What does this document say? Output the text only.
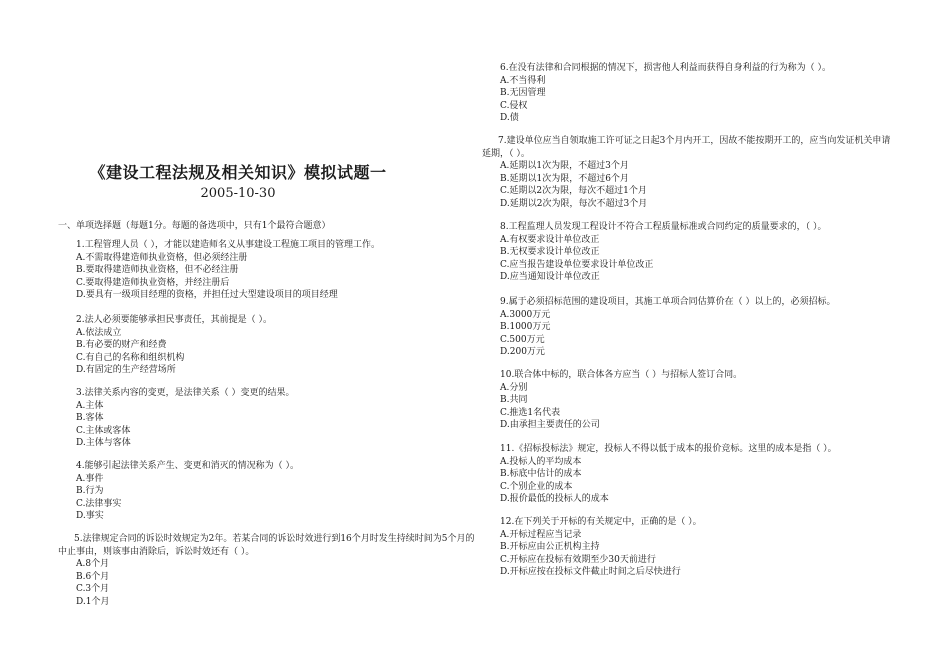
《建设工程法规及相关知识》模拟试题一
2005-10-30
一、单项选择题（每题1分。每题的备选项中，只有1个最符合题意）
1.工程管理人员（ ），才能以建造师名义从事建设工程施工项目的管理工作。
A.不需取得建造师执业资格，但必须经注册
B.要取得建造师执业资格，但不必经注册
C.要取得建造师执业资格，并经注册后
D.要具有一级项目经理的资格，并担任过大型建设项目的项目经理
2.法人必须要能够承担民事责任，其前提是（ ）。
A.依法成立
B.有必要的财产和经费
C.有自己的名称和组织机构
D.有固定的生产经营场所
3.法律关系内容的变更，是法律关系（ ）变更的结果。
A.主体
B.客体
C.主体或客体
D.主体与客体
4.能够引起法律关系产生、变更和消灭的情况称为（ ）。
A.事件
B.行为
C.法律事实
D.事实
5.法律规定合同的诉讼时效规定为2年。若某合同的诉讼时效进行到16个月时发生持续时间为5个月的中止事由，则该事由消除后，诉讼时效还有（ ）。
A.8个月
B.6个月
C.3个月
D.1个月
6.在没有法律和合同根据的情况下，损害他人利益而获得自身利益的行为称为（ ）。
A.不当得利
B.无因管理
C.侵权
D.债
7.建设单位应当自领取施工许可证之日起3个月内开工，因故不能按期开工的，应当向发证机关申请延期，（ ）。
A.延期以1次为限，不超过3个月
B.延期以1次为限，不超过6个月
C.延期以2次为限，每次不超过1个月
D.延期以2次为限，每次不超过3个月
8.工程监理人员发现工程设计不符合工程质量标准或合同约定的质量要求的，（ ）。
A.有权要求设计单位改正
B.无权要求设计单位改正
C.应当报告建设单位要求设计单位改正
D.应当通知设计单位改正
9.属于必须招标范围的建设项目，其施工单项合同估算价在（ ）以上的，必须招标。
A.3000万元
B.1000万元
C.500万元
D.200万元
10.联合体中标的，联合体各方应当（ ）与招标人签订合同。
A.分别
B.共同
C.推选1名代表
D.由承担主要责任的公司
11.《招标投标法》规定，投标人不得以低于成本的报价竞标。这里的成本是指（ ）。
A.投标人的平均成本
B.标底中估计的成本
C.个别企业的成本
D.报价最低的投标人的成本
12.在下列关于开标的有关规定中，正确的是（ ）。
A.开标过程应当记录
B.开标应由公正机构主持
C.开标应在投标有效期至少30天前进行
D.开标应按在投标文件截止时间之后尽快进行
